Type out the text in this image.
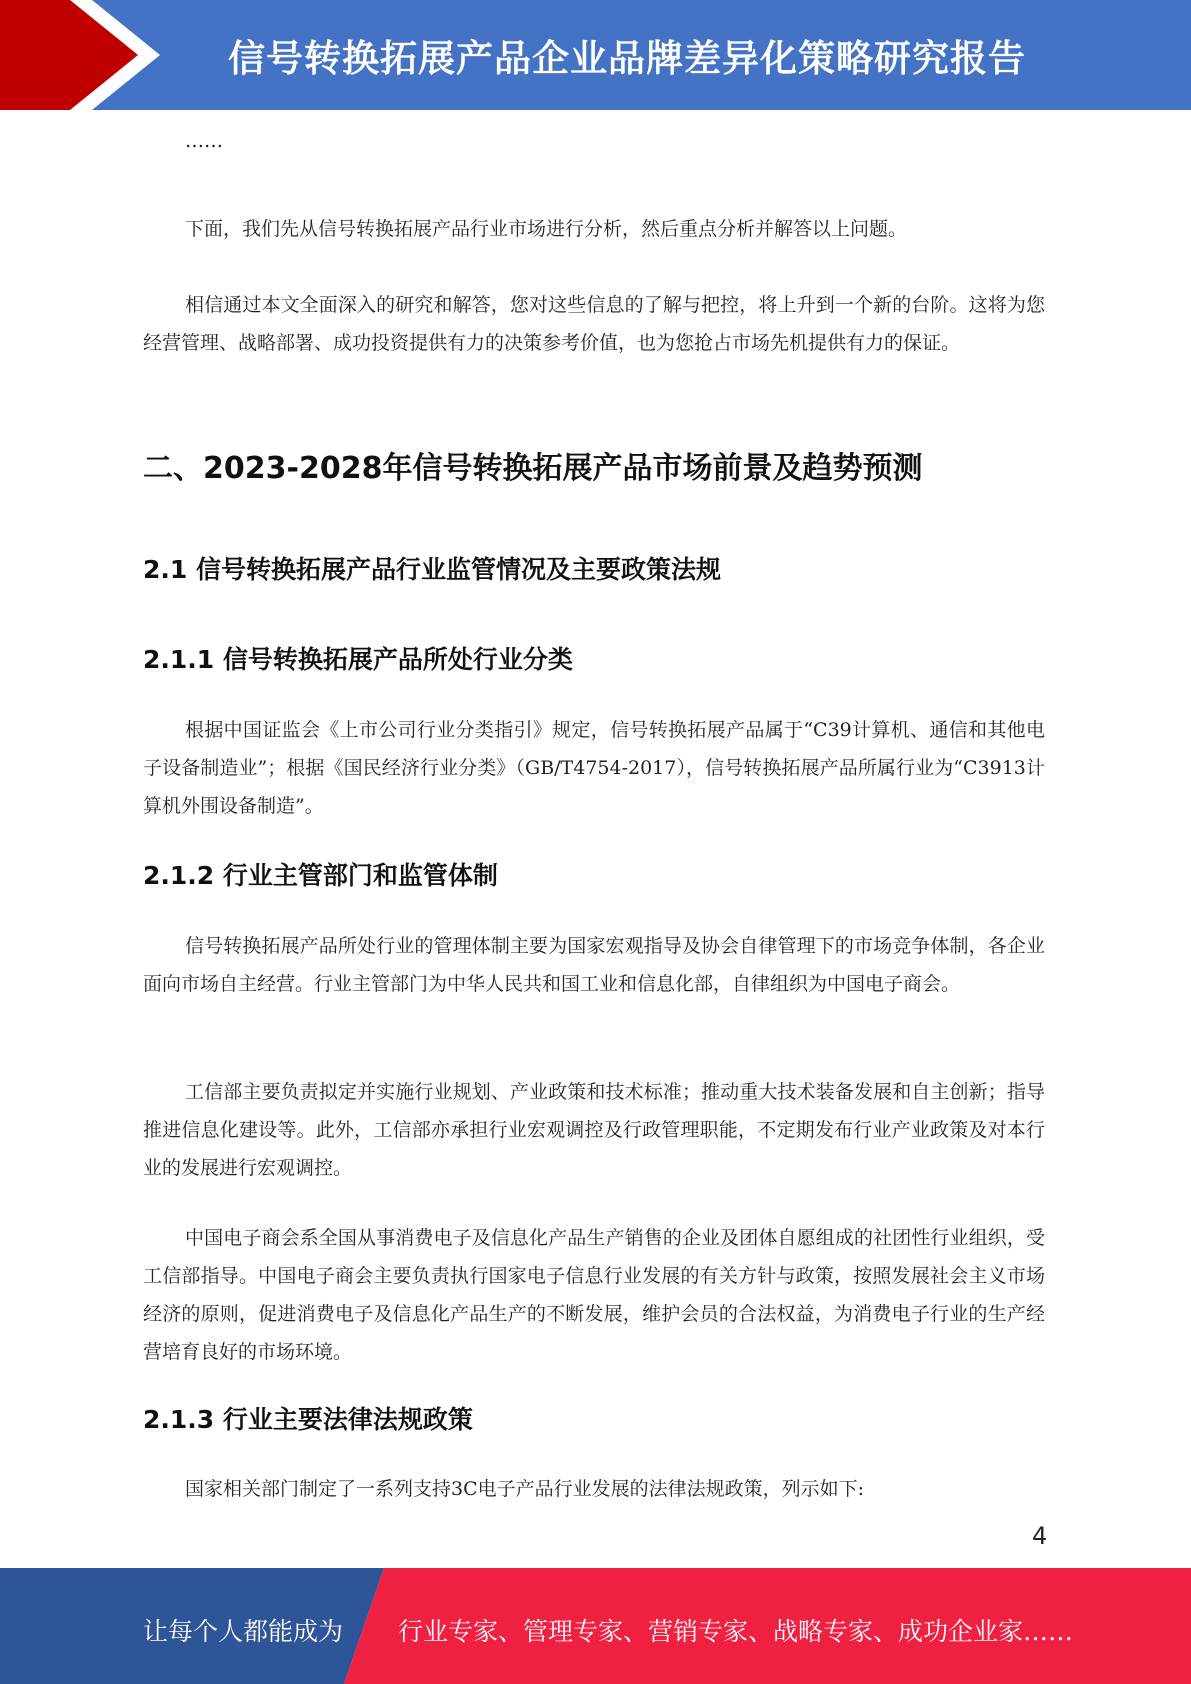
信号转换拓展产品企业品牌差异化策略研究报告
……

下面，我们先从信号转换拓展产品行业市场进行分析，然后重点分析并解答以上问题。

相信通过本文全面深入的研究和解答，您对这些信息的了解与把控，将上升到一个新的台阶。这将为您经营管理、战略部署、成功投资提供有力的决策参考价值，也为您抢占市场先机提供有力的保证。

二、2023-2028年信号转换拓展产品市场前景及趋势预测
2.1 信号转换拓展产品行业监管情况及主要政策法规
2.1.1 信号转换拓展产品所处行业分类

根据中国证监会《上市公司行业分类指引》规定，信号转换拓展产品属于“C39计算机、通信和其他电子设备制造业”；根据《国民经济行业分类》（GB/T4754-2017），信号转换拓展产品所属行业为“C3913计算机外围设备制造”。

2.1.2 行业主管部门和监管体制

信号转换拓展产品所处行业的管理体制主要为国家宏观指导及协会自律管理下的市场竞争体制，各企业面向市场自主经营。行业主管部门为中华人民共和国工业和信息化部，自律组织为中国电子商会。

工信部主要负责拟定并实施行业规划、产业政策和技术标准；推动重大技术装备发展和自主创新；指导推进信息化建设等。此外，工信部亦承担行业宏观调控及行政管理职能，不定期发布行业产业政策及对本行业的发展进行宏观调控。

中国电子商会系全国从事消费电子及信息化产品生产销售的企业及团体自愿组成的社团性行业组织，受工信部指导。中国电子商会主要负责执行国家电子信息行业发展的有关方针与政策，按照发展社会主义市场经济的原则，促进消费电子及信息化产品生产的不断发展，维护会员的合法权益，为消费电子行业的生产经营培育良好的市场环境。

2.1.3 行业主要法律法规政策

国家相关部门制定了一系列支持3C电子产品行业发展的法律法规政策，列示如下:

4
让每个人都能成为 行业专家、管理专家、营销专家、战略专家、成功企业家……
